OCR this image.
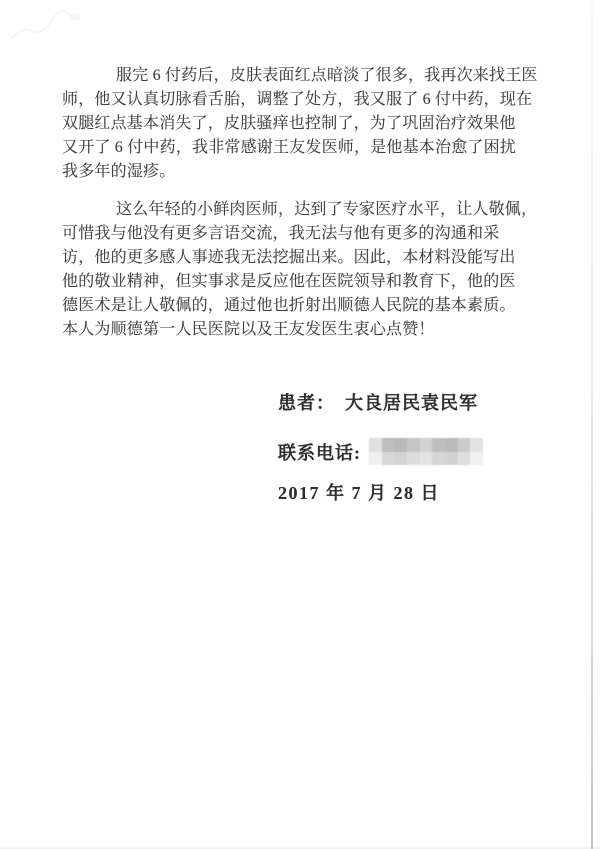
服完 6 付药后，皮肤表面红点暗淡了很多，我再次来找王医
师，他又认真切脉看舌胎，调整了处方，我又服了 6 付中药，现在
双腿红点基本消失了，皮肤骚痒也控制了，为了巩固治疗效果他
又开了 6 付中药，我非常感谢王友发医师，是他基本治愈了困扰
我多年的湿疹。
这么年轻的小鲜肉医师，达到了专家医疗水平，让人敬佩，
可惜我与他没有更多言语交流，我无法与他有更多的沟通和采
访，他的更多感人事迹我无法挖掘出来。因此，本材料没能写出
他的敬业精神，但实事求是反应他在医院领导和教育下，他的医
德医术是让人敬佩的，通过他也折射出顺德人民院的基本素质。
本人为顺德第一人民医院以及王友发医生衷心点赞！
患者： 大良居民袁民军
联系电话:
2017 年 7 月 28 日
